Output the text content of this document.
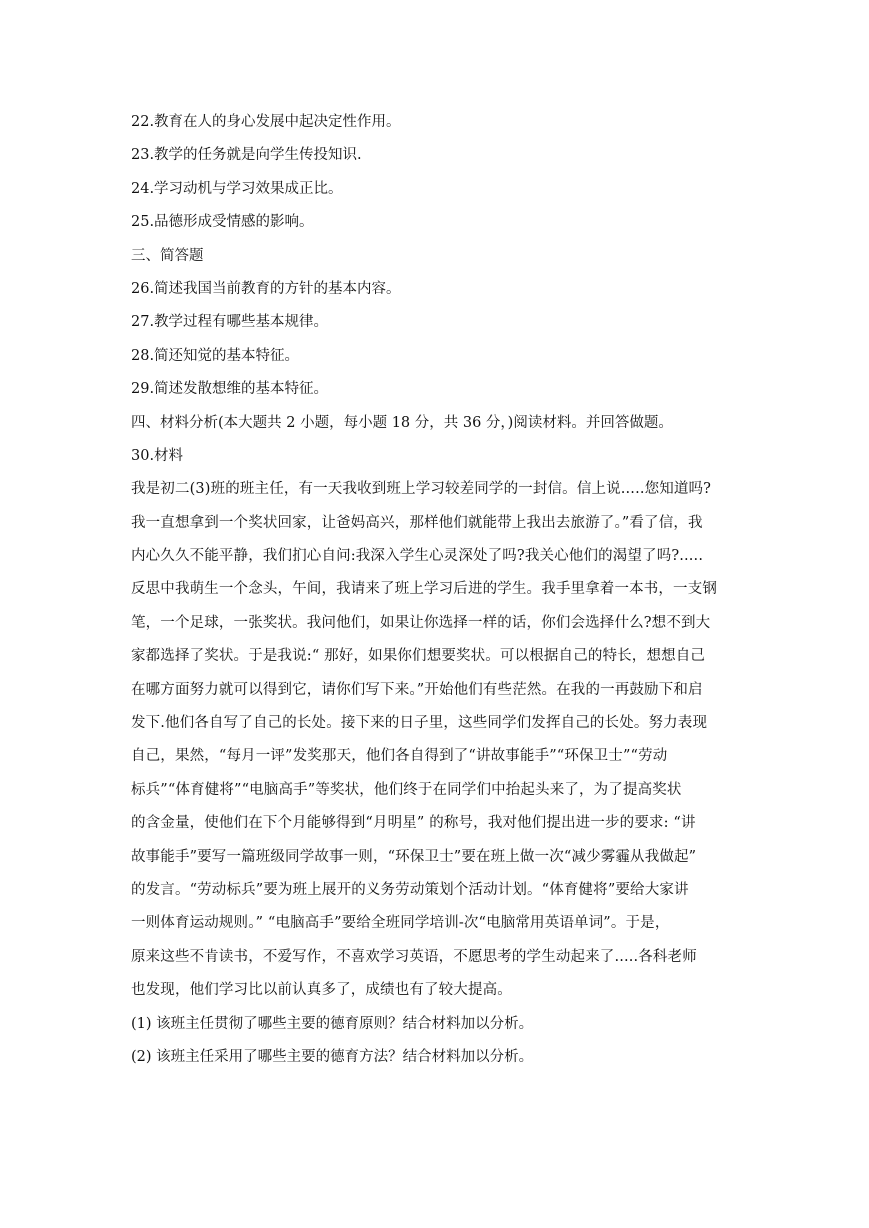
22.教育在人的身心发展中起决定性作用。
23.教学的任务就是向学生传投知识.
24.学习动机与学习效果成正比。
25.品德形成受情感的影响。
三、简答题
26.简述我国当前教育的方针的基本内容。
27.教学过程有哪些基本规律。
28.简还知觉的基本特征。
29.简述发散想维的基本特征。
四、材料分析(本大题共 2 小题，每小题 18 分，共 36 分，)阅读材料。并回答做题。
30.材料
我是初二(3)班的班主任，有一天我收到班上学习较差同学的一封信。信上说.....您知道吗?
我一直想拿到一个奖状回家，让爸妈高兴，那样他们就能带上我出去旅游了。”看了信，我
内心久久不能平静，我们扪心自问:我深入学生心灵深处了吗?我关心他们的渴望了吗?.....
反思中我萌生一个念头，午间，我请来了班上学习后进的学生。我手里拿着一本书，一支钢
笔，一个足球，一张奖状。我问他们，如果让你选择一样的话，你们会选择什么?想不到大
家都选择了奖状。于是我说:“ 那好，如果你们想要奖状。可以根据自己的特长，想想自己
在哪方面努力就可以得到它，请你们写下来。”开始他们有些茫然。在我的一再鼓励下和启
发下.他们各自写了自己的长处。接下来的日子里，这些同学们发挥自己的长处。努力表现
自己，果然，“每月一评”发奖那天，他们各自得到了“讲故事能手”“环保卫士”“劳动
标兵”“体育健将”“电脑高手”等奖状，他们终于在同学们中抬起头来了，为了提高奖状
的含金量，使他们在下个月能够得到“月明星” 的称号，我对他们提出进一步的要求: “讲
故事能手”要写一篇班级同学故事一则，“环保卫士”要在班上做一次“减少雾霾从我做起”
的发言。“劳动标兵”要为班上展开的义务劳动策划个活动计划。“体育健将”要给大家讲
一则体育运动规则。” “电脑高手”要给全班同学培训-次“电脑常用英语单词”。于是，
原来这些不肯读书，不爱写作，不喜欢学习英语，不愿思考的学生动起来了.....各科老师
也发现，他们学习比以前认真多了，成绩也有了较大提高。
(1) 该班主任贯彻了哪些主要的德育原则？结合材料加以分析。
(2) 该班主任采用了哪些主要的德育方法？结合材料加以分析。
